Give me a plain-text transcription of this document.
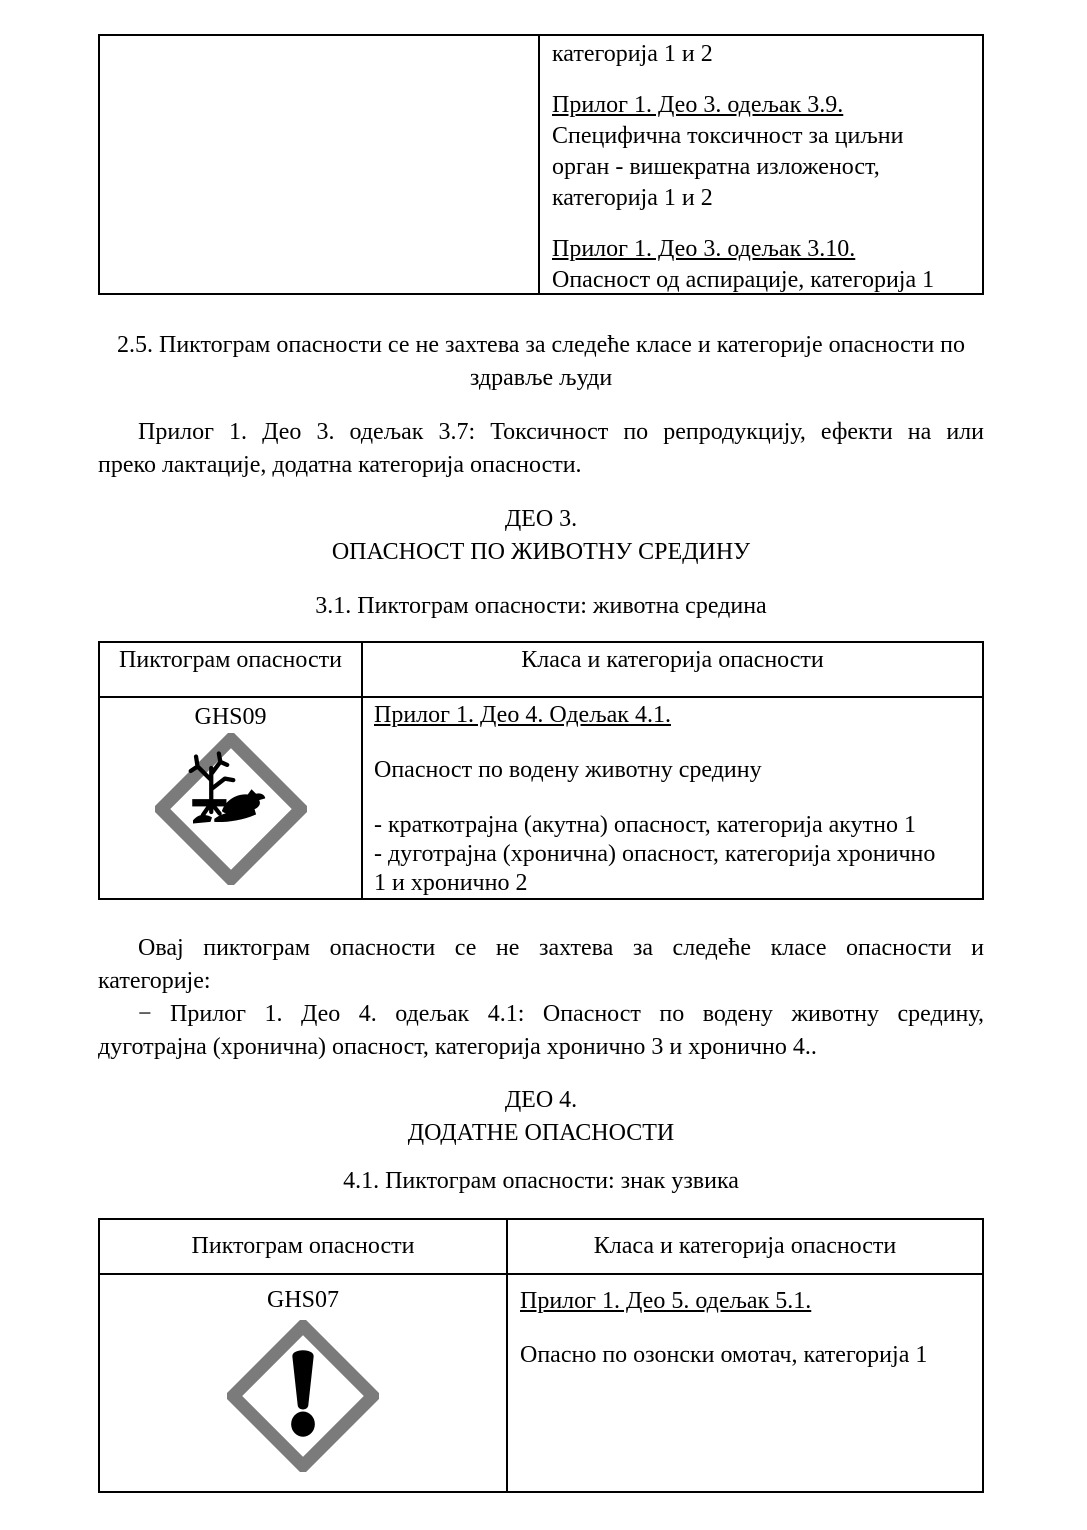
категорија 1 и 2
Прилог 1. Део 3. одељак 3.9.
Специфична токсичност за циљни
орган - вишекратна изложеност,
категорија 1 и 2
Прилог 1. Део 3. одељак 3.10.
Опасност од аспирације, категорија 1
2.5. Пиктограм опасности се не захтева за следеће класе и категорије опасности по
здравље људи
Прилог 1. Део 3. одељак 3.7: Токсичност по репродукцију, ефекти на или
преко лактације, додатна категорија опасности.
ДЕО 3.
ОПАСНОСТ ПО ЖИВОТНУ СРЕДИНУ
3.1. Пиктограм опасности: животна средина
Пиктограм опасности	Класа и категорија опасности
GHS09	Прилог 1. Део 4. Одељак 4.1.
Опасност по водену животну средину
- краткотрајна (акутна) опасност, категорија акутно 1
- дуготрајна (хронична) опасност, категорија хронично
1 и хронично 2
Овај пиктограм опасности се не захтева за следеће класе опасности и
категорије:
− Прилог 1. Део 4. одељак 4.1: Опасност по водену животну средину,
дуготрајна (хронична) опасност, категорија хронично 3 и хронично 4..
ДЕО 4.
ДОДАТНЕ ОПАСНОСТИ
4.1. Пиктограм опасности: знак узвика
Пиктограм опасности	Класа и категорија опасности
GHS07	Прилог 1. Део 5. одељак 5.1.
Опасно по озонски омотач, категорија 1
